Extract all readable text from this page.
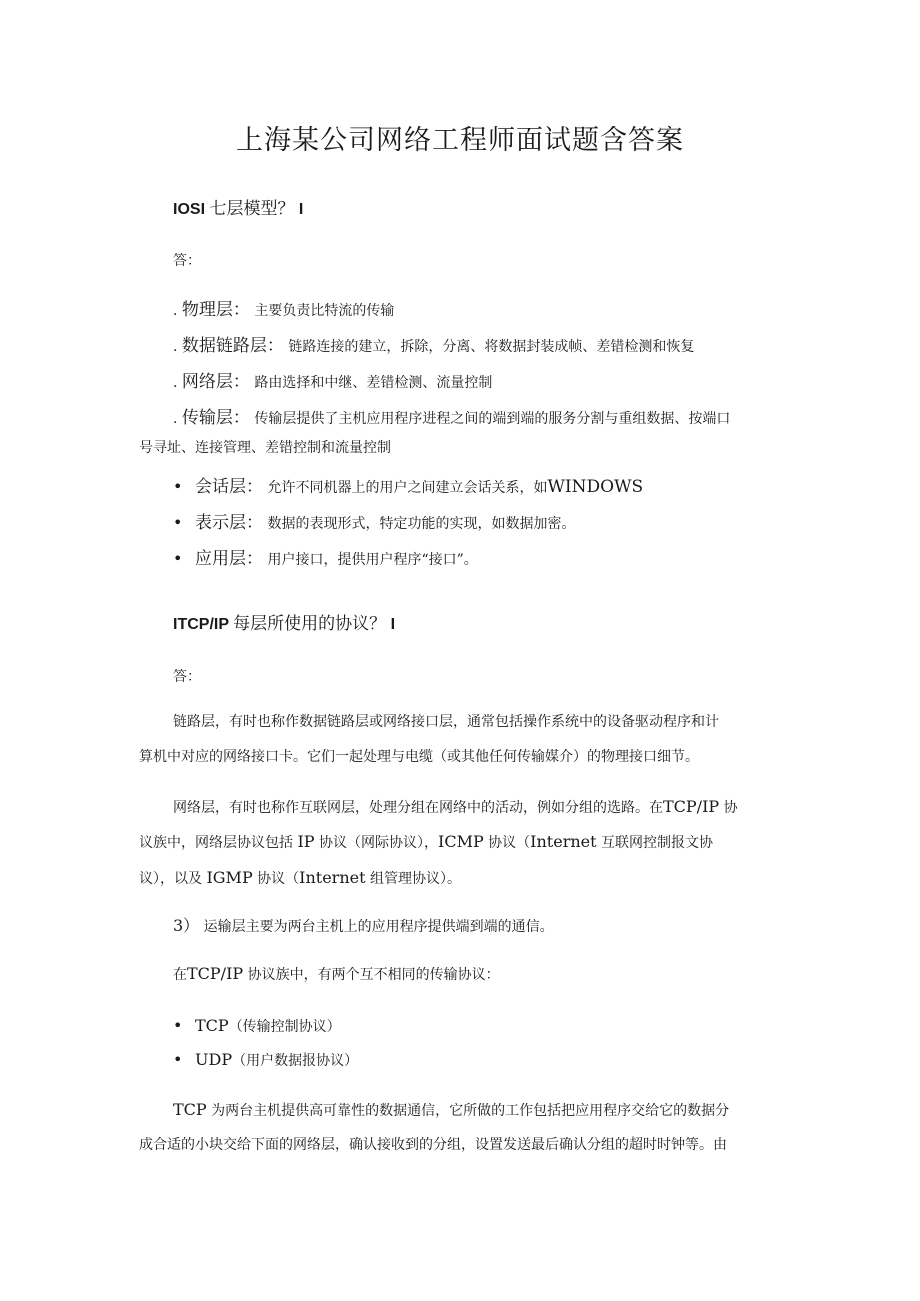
上海某公司网络工程师面试题含答案
IOSI 七层模型？ I
答：
. 物理层： 主要负责比特流的传输
. 数据链路层： 链路连接的建立，拆除，分离、将数据封装成帧、差错检测和恢复
. 网络层： 路由选择和中继、差错检测、流量控制
. 传输层： 传输层提供了主机应用程序进程之间的端到端的服务分割与重组数据、按端口
号寻址、连接管理、差错控制和流量控制
• 会话层： 允许不同机器上的用户之间建立会话关系，如WINDOWS
• 表示层： 数据的表现形式，特定功能的实现，如数据加密。
• 应用层： 用户接口，提供用户程序“接口”。
ITCP/IP 每层所使用的协议？ I
答：
链路层，有时也称作数据链路层或网络接口层，通常包括操作系统中的设备驱动程序和计
算机中对应的网络接口卡。它们一起处理与电缆（或其他任何传输媒介）的物理接口细节。
网络层，有时也称作互联网层，处理分组在网络中的活动，例如分组的选路。在TCP/IP 协
议族中，网络层协议包括 IP 协议（网际协议），ICMP 协议（Internet 互联网控制报文协
议），以及 IGMP 协议（Internet 组管理协议）。
3） 运输层主要为两台主机上的应用程序提供端到端的通信。
在TCP/IP 协议族中，有两个互不相同的传输协议：
• TCP（传输控制协议）
• UDP（用户数据报协议）
TCP 为两台主机提供高可靠性的数据通信，它所做的工作包括把应用程序交给它的数据分
成合适的小块交给下面的网络层，确认接收到的分组，设置发送最后确认分组的超时时钟等。由
